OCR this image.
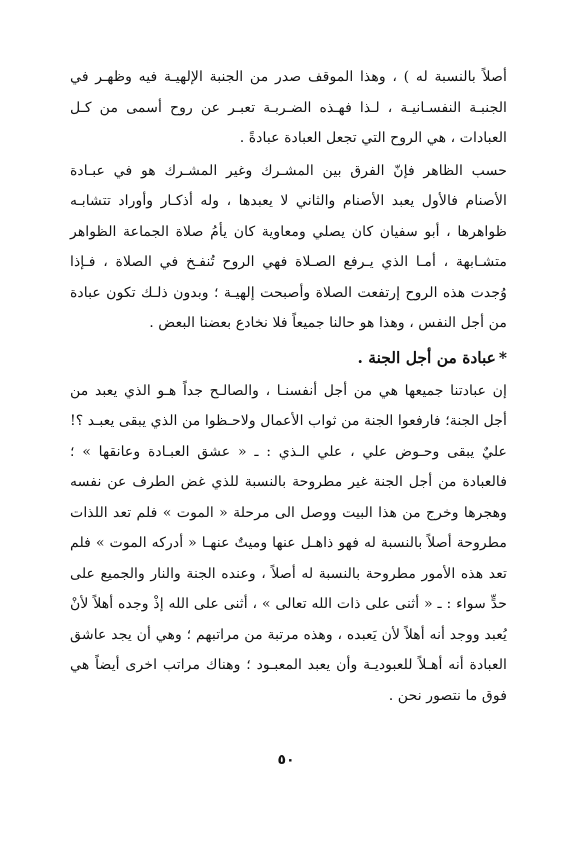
أصلاً بالنسبة له ) ، وهذا الموقف صدر من الجنبة الإلهيـة فيه وظهـر في الجنبـة النفسـانيـة ، لـذا فهـذه الضـربـة تعبـر عن روح أسمى من كـل العبادات ، هي الروح التي تجعل العبادة عبادةً .

حسب الظاهر فإنّ الفرق بين المشـرك وغير المشـرك هو في عبـادة الأصنام فالأول يعبد الأصنام والثاني لا يعبدها ، وله أذكـار وأوراد تتشابـه ظواهرها ، أبو سفيان كان يصلي ومعاوية كان يأمُ صلاة الجماعة الظواهر متشـابهة ، أمـا الذي يـرفع الصـلاة فهي الروح تُنفـخ في الصلاة ، فـإذا وُجدت هذه الروح إرتفعت الصلاة وأصبحت إلهيـة ؛ وبدون ذلـك تكون عبادة من أجل النفس ، وهذا هو حالنا جميعاً فلا نخادع بعضنا البعض .

*عبادة من أجل الجنة .

إن عبادتنا جميعها هي من أجل أنفسنـا ، والصالـح جداً هـو الذي يعبد من أجل الجنة؛ فارفعوا الجنة من ثواب الأعمال ولاحـظوا من الذي يبقى يعبـد ؟! عليٌ يبقى وحـوض علي ، علي الـذي : ـ « عشق العبـادة وعانقها » ؛ فالعبادة من أجل الجنة غير مطروحة بالنسبة للذي غض الطرف عن نفسه وهجرها وخرج من هذا البيت ووصل الى مرحلة « الموت » فلم تعد اللذات مطروحة أصلاً بالنسبة له فهو ذاهـل عنها وميتٌ عنهـا « أدركه الموت » فلم تعد هذه الأمور مطروحة بالنسبة له أصلاً ، وعنده الجنة والنار والجميع على حدٍّ سواء : ـ « أثنى على ذات الله تعالى » ، أثنى على الله إذْ وجده أهلاً لأنْ يُعبد ووجد أنه أهلاً لأن يَعبده ، وهذه مرتبة من مراتبهم ؛ وهي أن يجد عاشق العبادة أنه أهـلاً للعبوديـة وأن يعبد المعبـود ؛ وهناك مراتب اخرى أيضاً هي فوق ما نتصور نحن .

٥٠
